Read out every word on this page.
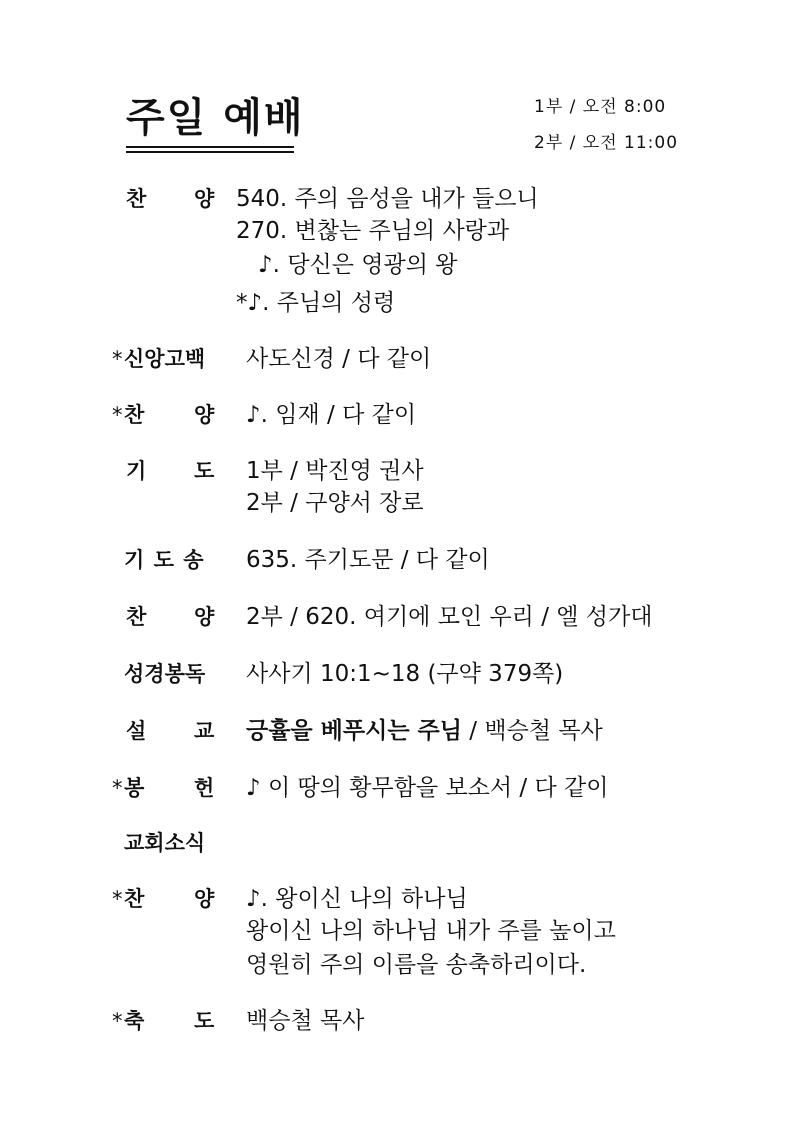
주일 예배	1부 / 오전 8:00
2부 / 오전 11:00
찬 양 540. 주의 음성을 내가 들으니
270. 변찮는 주님의 사랑과
♪. 당신은 영광의 왕
*♪. 주님의 성령
* 신앙고백 사도신경 / 다 같이
* 찬 양 ♪. 임재 / 다 같이
기 도 1부 / 박진영 권사
2부 / 구양서 장로
기 도 송 635. 주기도문 / 다 같이
찬 양 2부 / 620. 여기에 모인 우리 / 엘 성가대
성경봉독 사사기 10:1~18 (구약 379쪽)
설 교 긍휼을 베푸시는 주님 / 백승철 목사
* 봉 헌 ♪ 이 땅의 황무함을 보소서 / 다 같이
교회소식
* 찬 양 ♪. 왕이신 나의 하나님
왕이신 나의 하나님 내가 주를 높이고
영원히 주의 이름을 송축하리이다.
* 축 도 백승철 목사
